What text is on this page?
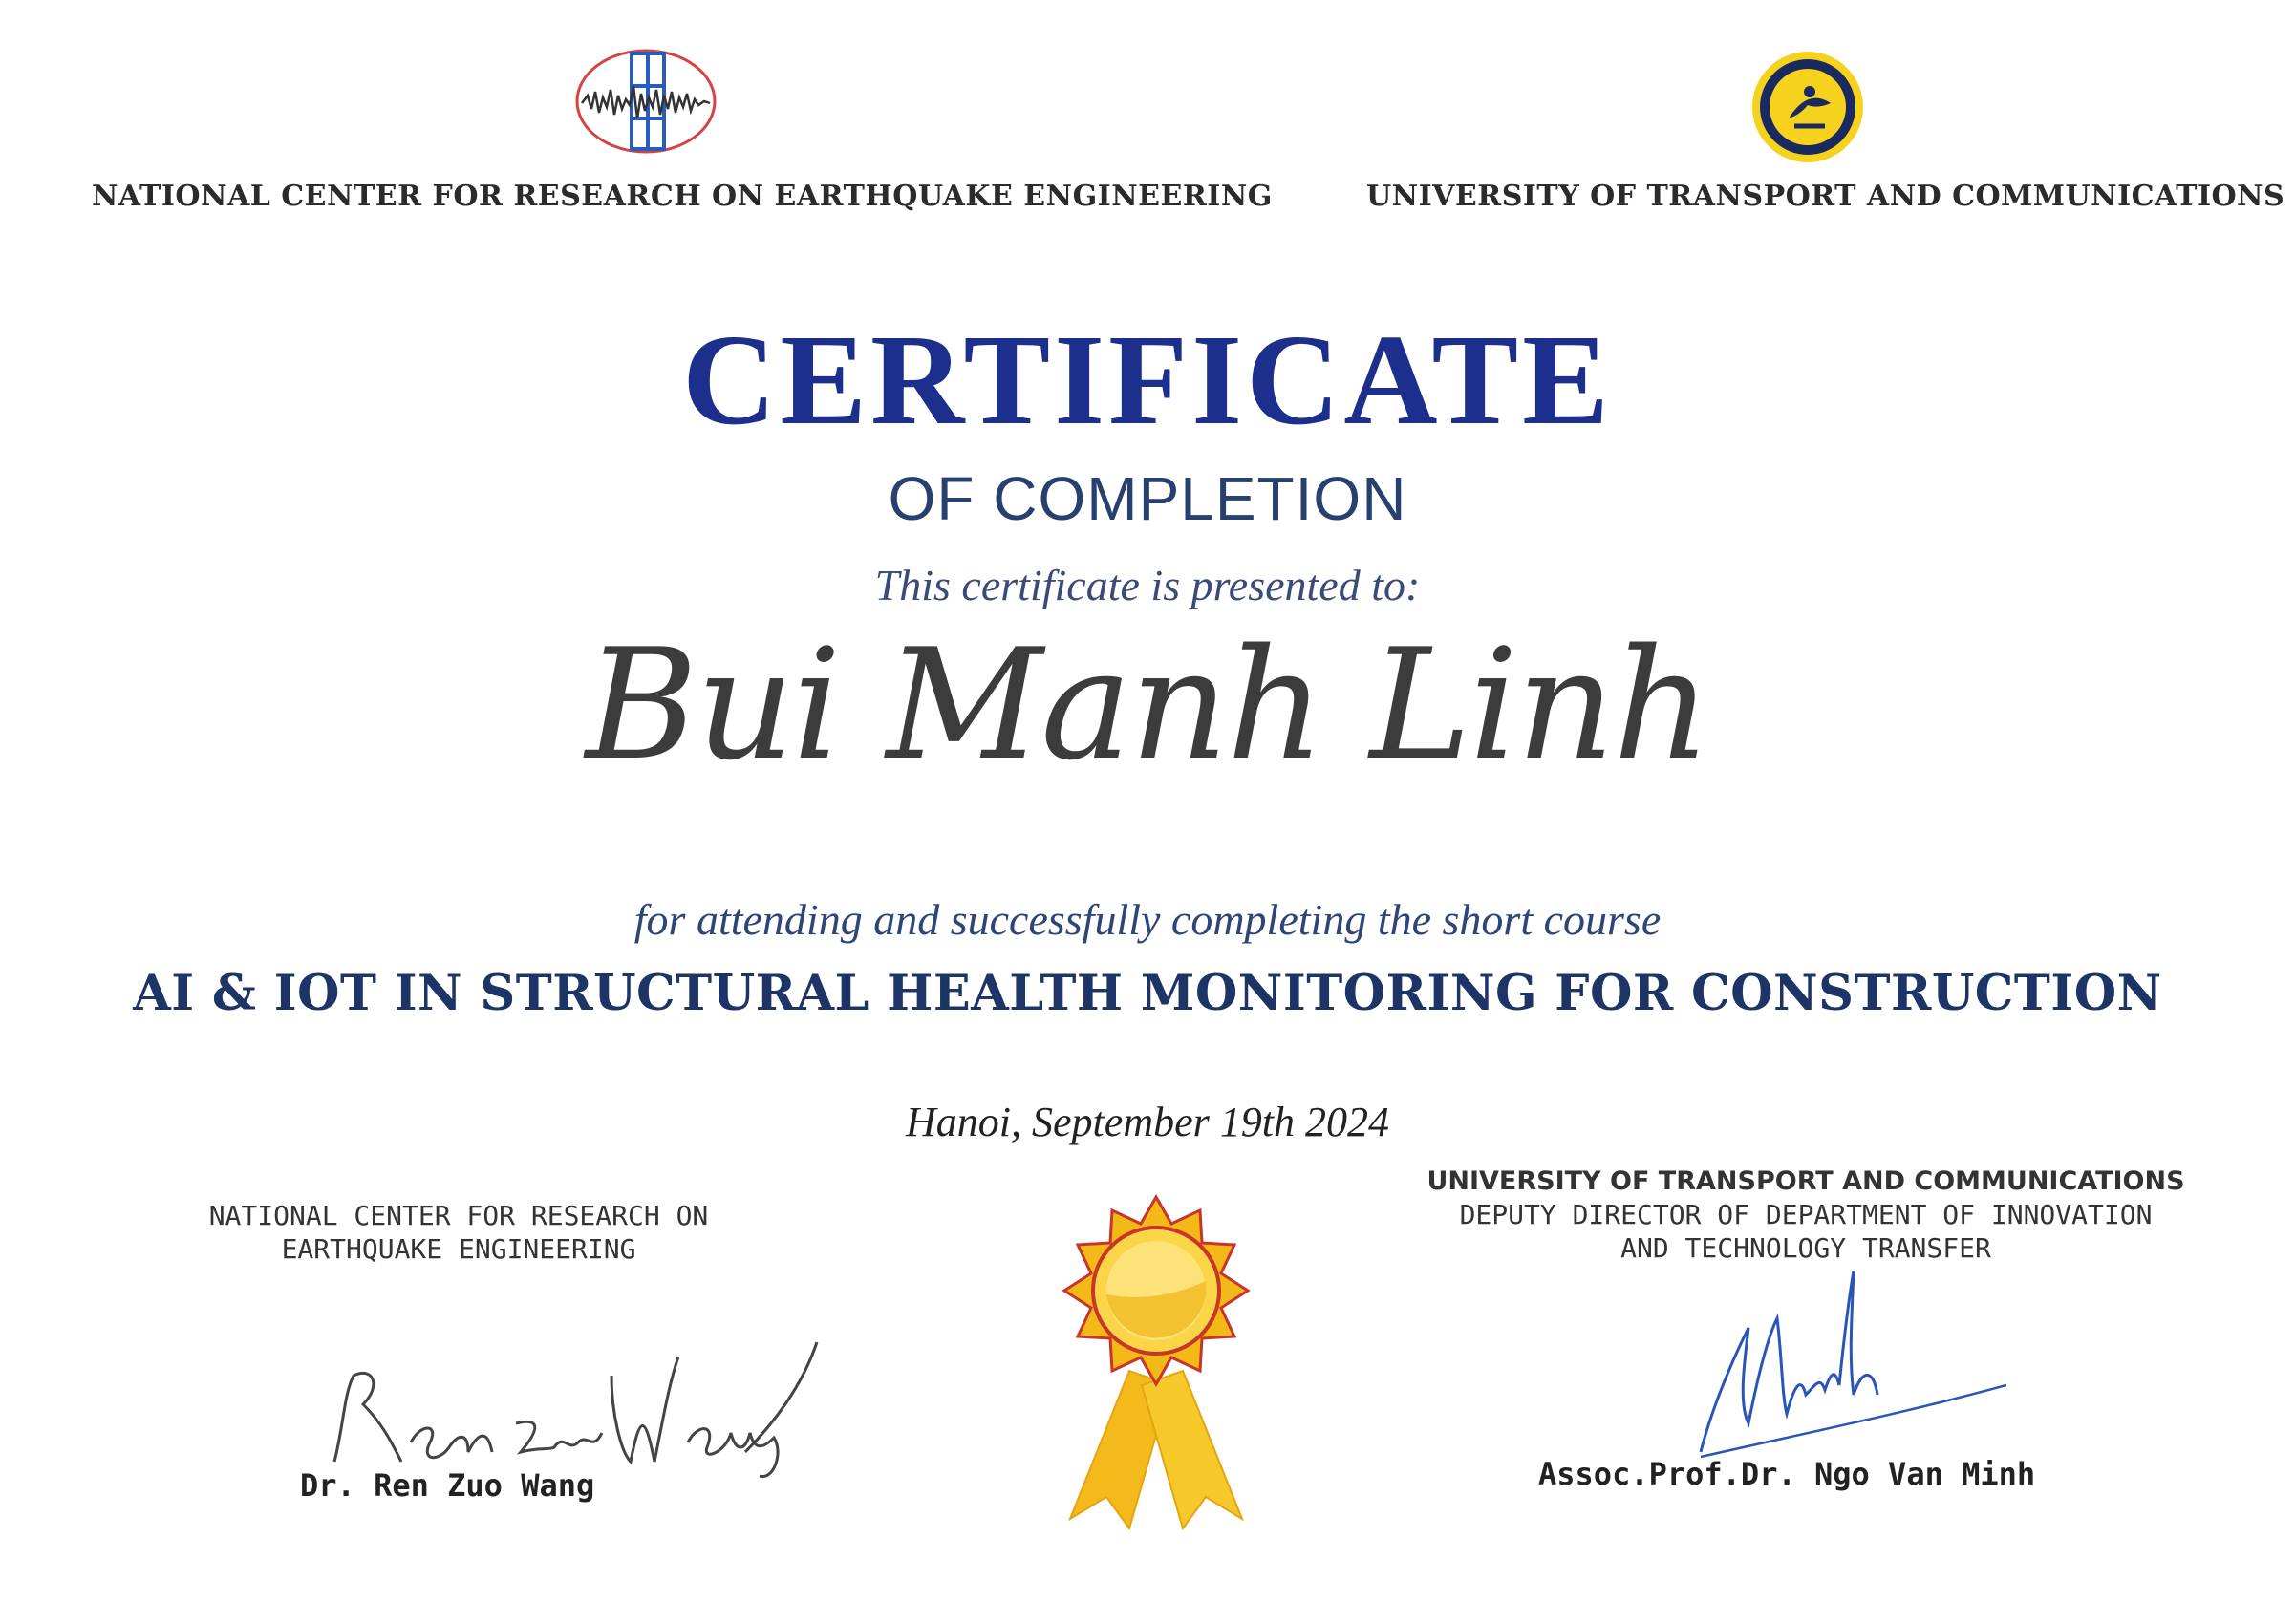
NATIONAL CENTER FOR RESEARCH ON EARTHQUAKE ENGINEERING	UNIVERSITY OF TRANSPORT AND COMMUNICATIONS
CERTIFICATE
OF COMPLETION
This certificate is presented to:
Bui Manh Linh
for attending and successfully completing the short course
AI & IOT IN STRUCTURAL HEALTH MONITORING FOR CONSTRUCTION
Hanoi, September 19th 2024
NATIONAL CENTER FOR RESEARCH ON
EARTHQUAKE ENGINEERING
Dr. Ren Zuo Wang
UNIVERSITY OF TRANSPORT AND COMMUNICATIONS
DEPUTY DIRECTOR OF DEPARTMENT OF INNOVATION
AND TECHNOLOGY TRANSFER
Assoc.Prof.Dr. Ngo Van Minh
